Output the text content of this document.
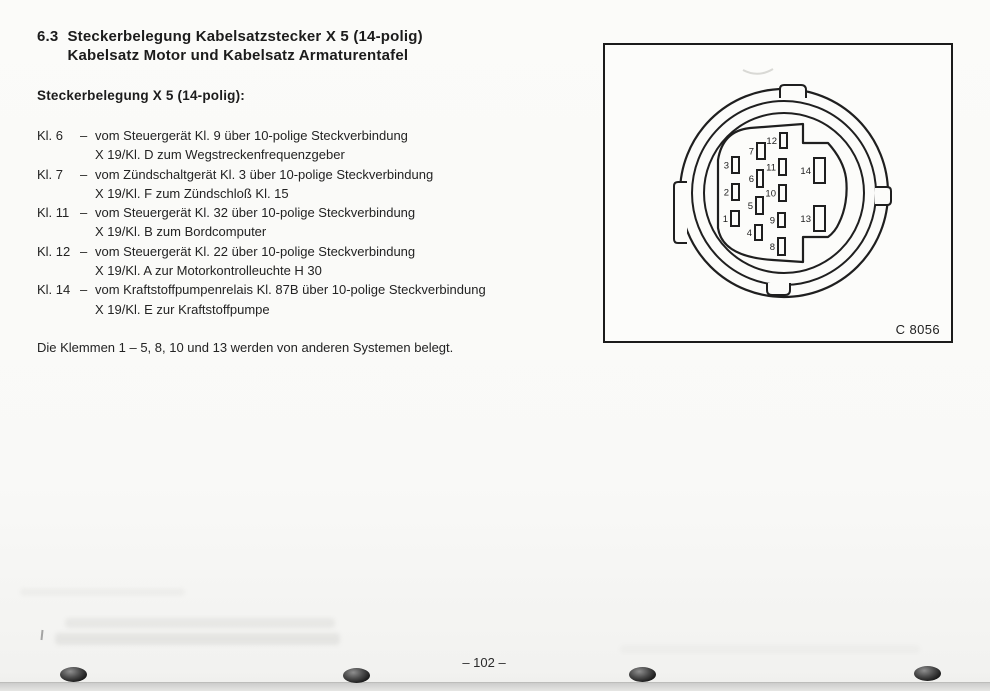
6.3 Steckerbelegung Kabelsatzstecker X 5 (14-polig)
Kabelsatz Motor und Kabelsatz Armaturentafel
Steckerbelegung X 5 (14-polig):
Kl. 6	– vom Steuergerät Kl. 9 über 10-polige Steckverbindung
X 19/Kl. D zum Wegstreckenfrequenzgeber
Kl. 7	– vom Zündschaltgerät Kl. 3 über 10-polige Steckverbindung
X 19/Kl. F zum Zündschloß Kl. 15
Kl. 11 – vom Steuergerät Kl. 32 über 10-polige Steckverbindung
X 19/Kl. B zum Bordcomputer
Kl. 12 – vom Steuergerät Kl. 22 über 10-polige Steckverbindung
X 19/Kl. A zur Motorkontrolleuchte H 30
Kl. 14 – vom Kraftstoffpumpenrelais Kl. 87B über 10-polige Steckverbindung
X 19/Kl. E zur Kraftstoffpumpe

Die Klemmen 1 – 5, 8, 10 und 13 werden von anderen Systemen belegt.

1
2
3
4
5
6
7
8
9
10
11
12
13
14
C 8056
– 102 –
